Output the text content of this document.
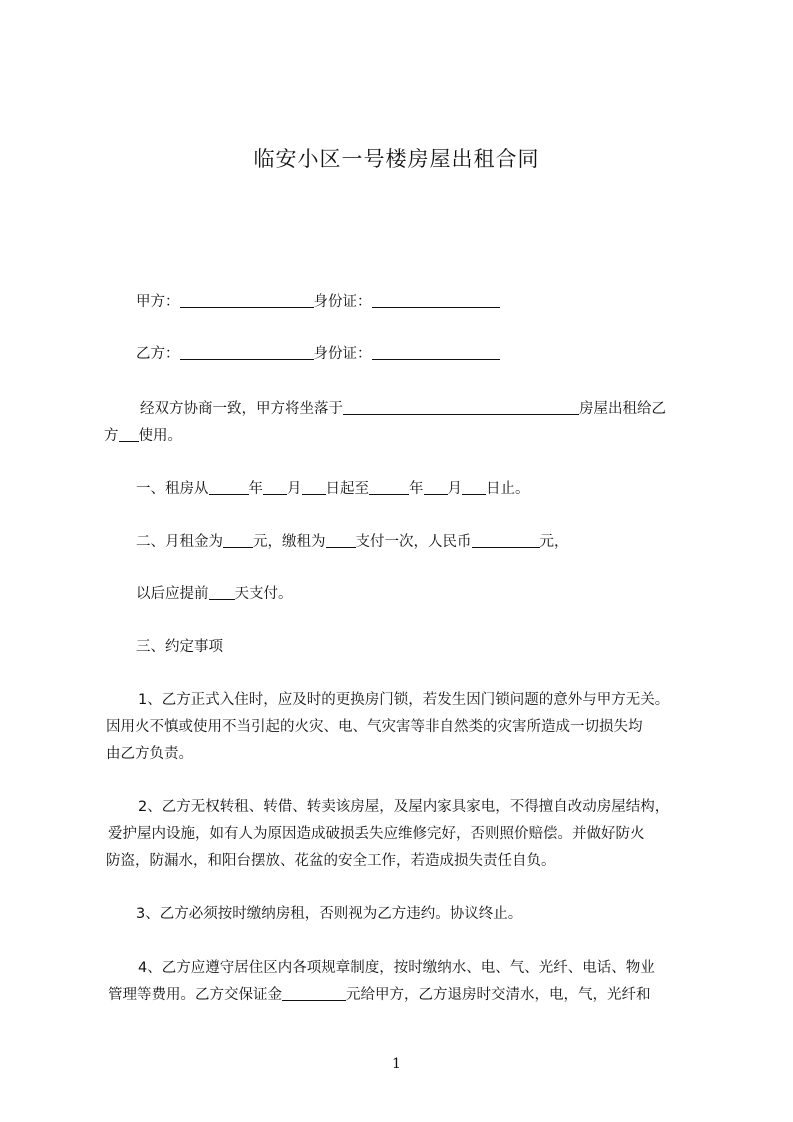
临安小区一号楼房屋出租合同
甲方：	身份证：
乙方：	身份证：
经双方协商一致，甲方将坐落于	房屋出租给乙
方 使用。
一、租房从	年 月 日起至	年 月 日止。
二、月租金为 元，缴租为 支付一次，人民币	元，
以后应提前 天支付。
三、约定事项
1、乙方正式入住时，应及时的更换房门锁，若发生因门锁问题的意外与甲方无关。
因用火不慎或使用不当引起的火灾、电、气灾害等非自然类的灾害所造成一切损失均
由乙方负责。
2、乙方无权转租、转借、转卖该房屋，及屋内家具家电，不得擅自改动房屋结构，
爱护屋内设施，如有人为原因造成破损丢失应维修完好，否则照价赔偿。并做好防火
防盗，防漏水，和阳台摆放、花盆的安全工作，若造成损失责任自负。
3、乙方必须按时缴纳房租，否则视为乙方违约。协议终止。
4、乙方应遵守居住区内各项规章制度，按时缴纳水、电、气、光纤、电话、物业
管理等费用。乙方交保证金	元给甲方，乙方退房时交清水，电，气，光纤和
1
